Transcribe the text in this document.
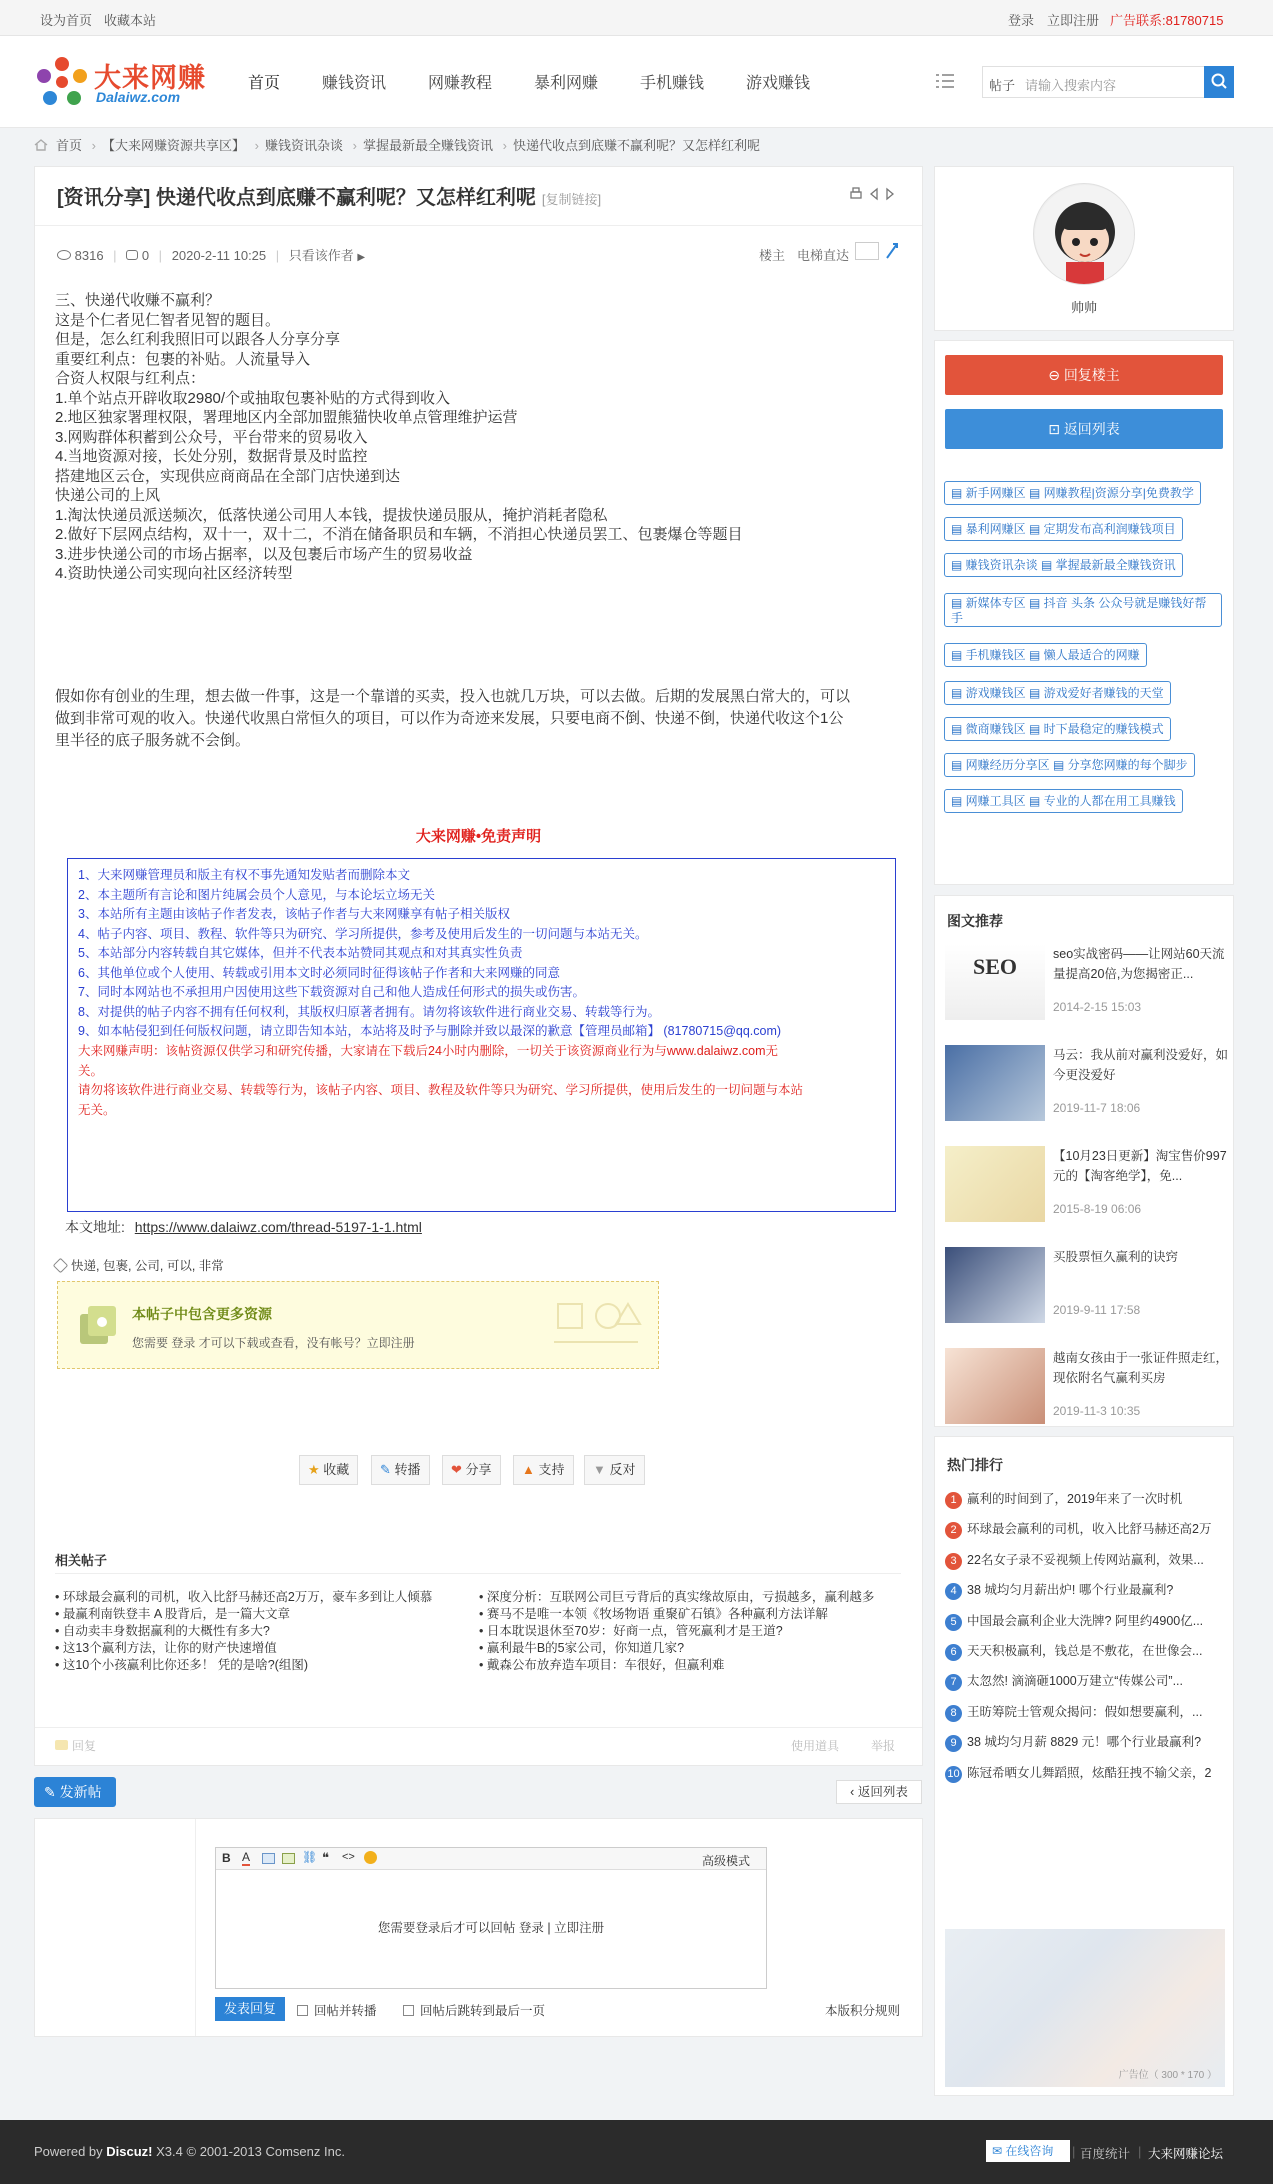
设为首页 收藏本站	登录 立即注册 广告联系:81780715
大来网赚
Dalaiwz.com
首页	赚钱资讯	网赚教程	暴利网赚	手机赚钱	游戏赚钱	帖子 请输入搜索内容
首页 › 【大来网赚资源共享区】 › 赚钱资讯杂谈 › 掌握最新最全赚钱资讯 › 快递代收点到底赚不赢利呢？又怎样红利呢
[资讯分享] 快递代收点到底赚不赢利呢？又怎样红利呢 [复制链接]
8316 | 0 | 2020-2-11 10:25 | 只看该作者 ▶	楼主 电梯直达
三、快递代收赚不赢利？
这是个仁者见仁智者见智的题目。
但是，怎么红利我照旧可以跟各人分享分享
重要红利点：包裹的补贴。人流量导入
合资人权限与红利点：
1.单个站点开辟收取2980/个或抽取包裹补贴的方式得到收入
2.地区独家署理权限，署理地区内全部加盟熊猫快收单点管理维护运营
3.网购群体积蓄到公众号，平台带来的贸易收入
4.当地资源对接，长处分别，数据背景及时监控
搭建地区云仓，实现供应商商品在全部门店快递到达
快递公司的上风
1.淘汰快递员派送频次，低落快递公司用人本钱，提拔快递员服从，掩护消耗者隐私
2.做好下层网点结构，双十一，双十二，不消在储备职员和车辆，不消担心快递员罢工、包裹爆仓等题目
3.进步快递公司的市场占据率，以及包裹后市场产生的贸易收益
4.资助快递公司实现向社区经济转型
假如你有创业的生理，想去做一件事，这是一个靠谱的买卖，投入也就几万块，可以去做。后期的发展黑白常大的，可以
做到非常可观的收入。快递代收黑白常恒久的项目，可以作为奇迹来发展，只要电商不倒、快递不倒，快递代收这个1公
里半径的底子服务就不会倒。
大来网赚•免责声明
1、大来网赚管理员和版主有权不事先通知发贴者而删除本文
2、本主题所有言论和图片纯属会员个人意见，与本论坛立场无关
3、本站所有主题由该帖子作者发表，该帖子作者与大来网赚享有帖子相关版权
4、帖子内容、项目、教程、软件等只为研究、学习所提供，参考及使用后发生的一切问题与本站无关。
5、本站部分内容转载自其它媒体，但并不代表本站赞同其观点和对其真实性负责
6、其他单位或个人使用、转载或引用本文时必须同时征得该帖子作者和大来网赚的同意
7、同时本网站也不承担用户因使用这些下载资源对自己和他人造成任何形式的损失或伤害。
8、对提供的帖子内容不拥有任何权利，其版权归原著者拥有。请勿将该软件进行商业交易、转载等行为。
9、如本帖侵犯到任何版权问题，请立即告知本站，本站将及时予与删除并致以最深的歉意【管理员邮箱】 (81780715@qq.com)
大来网赚声明：该帖资源仅供学习和研究传播，大家请在下载后24小时内删除，一切关于该资源商业行为与www.dalaiwz.com无
关。
请勿将该软件进行商业交易、转载等行为，该帖子内容、项目、教程及软件等只为研究、学习所提供，使用后发生的一切问题与本站
无关。
本文地址: https://www.dalaiwz.com/thread-5197-1-1.html
快递, 包裹, 公司, 可以, 非常
本帖子中包含更多资源
您需要 登录 才可以下载或查看，没有帐号？立即注册
★ 收藏	✎ 转播	❤ 分享	▲ 支持	▼ 反对
相关帖子
• 环球最会赢利的司机，收入比舒马赫还高2万万，豪车多到让人倾慕
• 最赢利南铁登丰 A 股背后，是一篇大文章
• 自动卖丰身数据赢利的大概性有多大?
• 这13个赢利方法，让你的财产快速增值
• 这10个小孩赢利比你还多！ 凭的是啥?(组图)
• 深度分析：互联网公司巨亏背后的真实缘故原由，亏损越多，赢利越多
• 赛马不是唯一本领《牧场物语 重聚矿石镇》各种赢利方法详解
• 日本耽误退休至70岁：好商一点，管死赢利才是王道?
• 赢利最牛B的5家公司，你知道几家?
• 戴森公布放弃造车项目：车很好，但赢利难
回复	使用道具	举报
✎ 发新帖	‹ 返回列表
B A	⛓ ❝ <>	高级模式
您需要登录后才可以回帖 登录 | 立即注册
发表回复	回帖并转播	回帖后跳转到最后一页	本版积分规则
帅帅
⊖ 回复楼主
⊡ 返回列表
▤ 新手网赚区 ▤ 网赚教程|资源分享|免费教学
▤ 暴利网赚区 ▤ 定期发布高利润赚钱项目
▤ 赚钱资讯杂谈 ▤ 掌握最新最全赚钱资讯
▤ 新媒体专区 ▤ 抖音 头条 公众号就是赚钱好帮手
▤ 手机赚钱区 ▤ 懒人最适合的网赚
▤ 游戏赚钱区 ▤ 游戏爱好者赚钱的天堂
▤ 微商赚钱区 ▤ 时下最稳定的赚钱模式
▤ 网赚经历分享区 ▤ 分享您网赚的每个脚步
▤ 网赚工具区 ▤ 专业的人都在用工具赚钱
图文推荐
SEO	seo实战密码——让网站60天流量提高20倍,为您揭密正...
2014-2-15 15:03
马云：我从前对赢利没爱好，如今更没爱好
2019-11-7 18:06
【10月23日更新】淘宝售价997元的【淘客绝学】，免...
2015-8-19 06:06
买股票恒久赢利的诀窍
2019-9-11 17:58
越南女孩由于一张证件照走红，现依附名气赢利买房
2019-11-3 10:35
热门排行
1 赢利的时间到了，2019年来了一次时机
2 环球最会赢利的司机，收入比舒马赫还高2万
3 22名女子录不妥视频上传网站赢利，效果...
4 38 城均匀月薪出炉! 哪个行业最赢利?
5 中国最会赢利企业大洗牌? 阿里约4900亿...
6 天天积极赢利，钱总是不敷花，在世像会...
7 太忽然! 滴滴砸1000万建立“传媒公司”...
8 王昉筹院士管观众揭问：假如想要赢利，...
9 38 城均匀月薪 8829 元！哪个行业最赢利?
10 陈冠希晒女儿舞蹈照，炫酷狂拽不输父亲，2
广告位（ 300 * 170 ）
Powered by Discuz! X3.4 © 2001-2013 Comsenz Inc.	✉ 在线咨询	百度统计 | 大来网赚论坛
|
